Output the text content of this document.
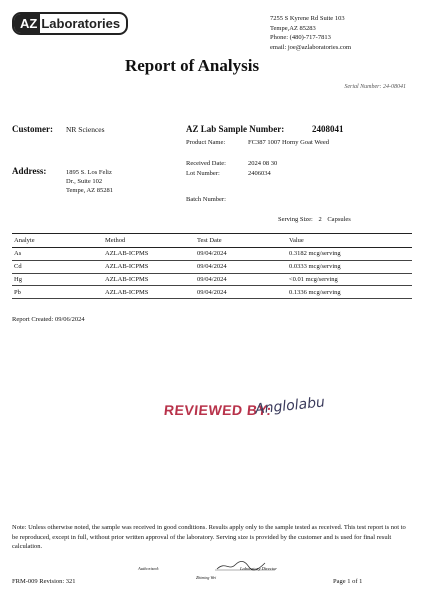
AZ Laboratories	7255 S Kyrene Rd Suite 103
Tempe,AZ 85283
Phone: (480)-717-7813
email: joe@azlaboratories.com
Report of Analysis
Serial Number: 24-08041
Customer: NR Sciences	AZ Lab Sample Number:	2408041
Product Name:	FC387 1007 Horny Goat Weed
Received Date:	2024 08 30
Lot Number:	2406034
Batch Number:
Address:	1895 S. Los Feliz
Dr., Suite 102
Tempe, AZ 85281
Serving Size: 2 Capsules
Analyte	Method	Test Date	Value
As	AZLAB-ICPMS	09/04/2024	0.3182 mcg/serving
Cd	AZLAB-ICPMS	09/04/2024	0.0333 mcg/serving
Hg	AZLAB-ICPMS	09/04/2024	<0.01 mcg/serving
Pb	AZLAB-ICPMS	09/04/2024	0.1336 mcg/serving
Report Created: 09/06/2024
REVIEWED BY:
Anglolabu
Note: Unless otherwise noted, the sample was received in good conditions. Results apply only to the sample tested as received. This test report is not to be reproduced, except in full, without prior written approval of the laboratory. Serving size is provided by the customer and is used for final result calculation.
Authorized:	Laboratory Director
Zhiming Wei
FRM-009 Revision: 321	Page 1 of 1
